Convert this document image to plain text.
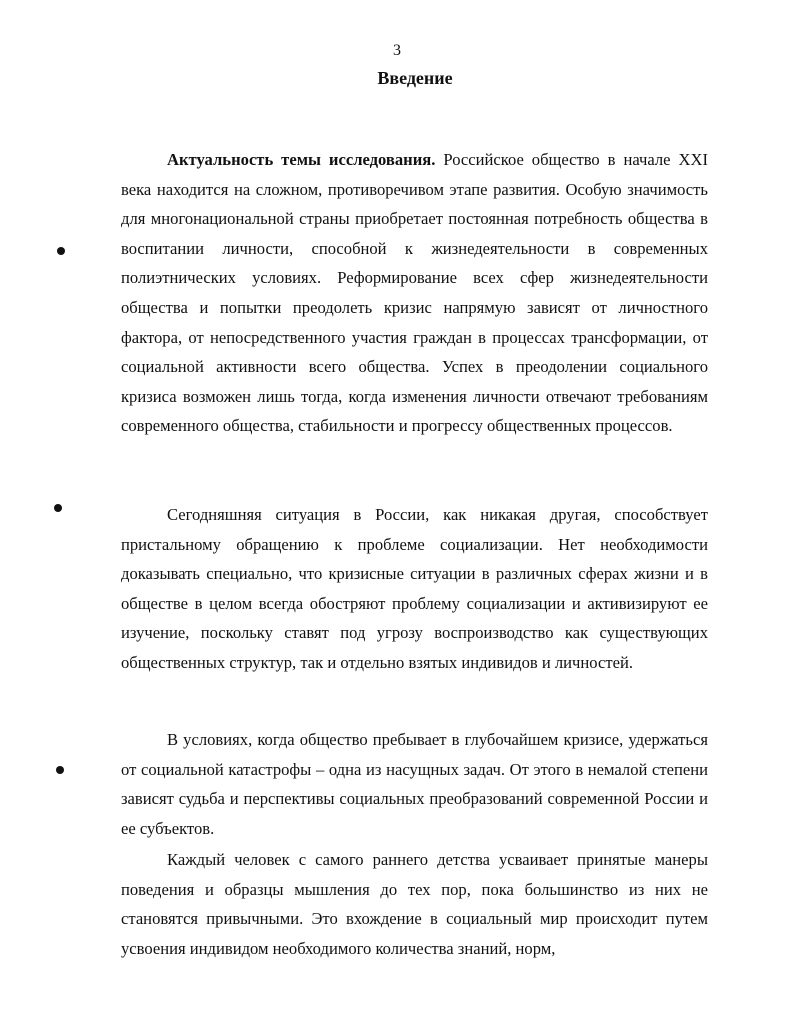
3
Введение

Актуальность темы исследования. Российское общество в начале XXI века находится на сложном, противоречивом этапе развития. Особую значимость для многонациональной страны приобретает постоянная потребность общества в воспитании личности, способной к жизнедеятельности в современных полиэтнических условиях. Реформирование всех сфер жизнедеятельности общества и попытки преодолеть кризис напрямую зависят от личностного фактора, от непосредственного участия граждан в процессах трансформации, от социальной активности всего общества. Успех в преодолении социального кризиса возможен лишь тогда, когда изменения личности отвечают требованиям современного общества, стабильности и прогрессу общественных процессов.

Сегодняшняя ситуация в России, как никакая другая, способствует пристальному обращению к проблеме социализации. Нет необходимости доказывать специально, что кризисные ситуации в различных сферах жизни и в обществе в целом всегда обостряют проблему социализации и активизируют ее изучение, поскольку ставят под угрозу воспроизводство как существующих общественных структур, так и отдельно взятых индивидов и личностей.

В условиях, когда общество пребывает в глубочайшем кризисе, удержаться от социальной катастрофы – одна из насущных задач. От этого в немалой степени зависят судьба и перспективы социальных преобразований современной России и ее субъектов.

Каждый человек с самого раннего детства усваивает принятые манеры поведения и образцы мышления до тех пор, пока большинство из них не становятся привычными. Это вхождение в социальный мир происходит путем усвоения индивидом необходимого количества знаний, норм,
